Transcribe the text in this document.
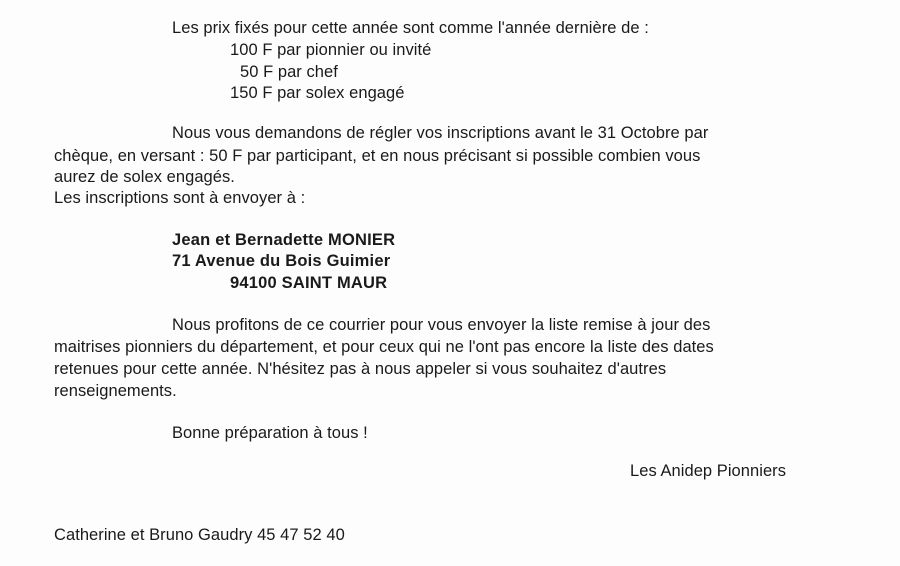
Les prix fixés pour cette année sont comme l'année dernière de :
100 F par pionnier ou invité
50 F par chef
150 F par solex engagé
Nous vous demandons de régler vos inscriptions avant le 31 Octobre par
chèque, en versant : 50 F par participant, et en nous précisant si possible combien vous
aurez de solex engagés.
Les inscriptions sont à envoyer à :
Jean et Bernadette MONIER
71 Avenue du Bois Guimier
94100 SAINT MAUR
Nous profitons de ce courrier pour vous envoyer la liste remise à jour des
maitrises pionniers du département, et pour ceux qui ne l'ont pas encore la liste des dates
retenues pour cette année. N'hésitez pas à nous appeler si vous souhaitez d'autres
renseignements.
Bonne préparation à tous !
Les Anidep Pionniers
Catherine et Bruno Gaudry 45 47 52 40
